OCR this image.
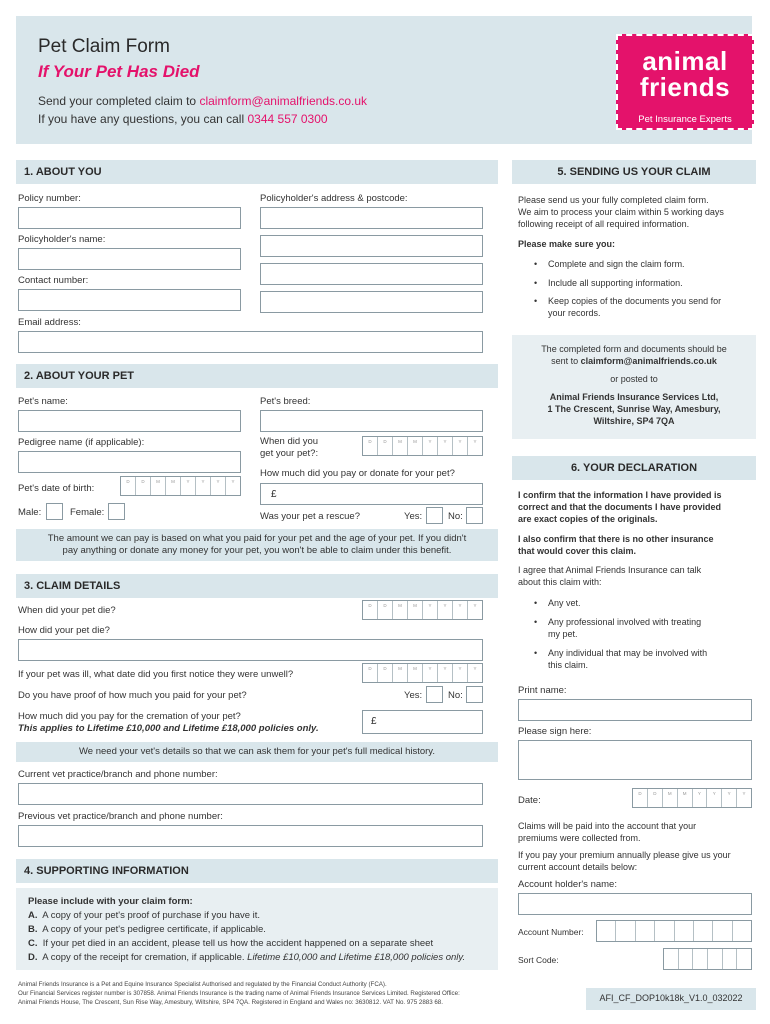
Pet Claim Form
If Your Pet Has Died
Send your completed claim to claimform@animalfriends.co.uk
If you have any questions, you can call 0344 557 0300
animal
friends
Pet Insurance Experts
1. ABOUT YOU
Policy number:	Policyholder's address & postcode:
Policyholder's name:
Contact number:
Email address:
2. ABOUT YOUR PET
Pet's name:	Pet's breed:
Pedigree name (if applicable):	When did you
get your pet?:
D	D	M	M	Y	Y	Y	Y
How much did you pay or donate for your pet?
£
Pet's date of birth:
D	D	M	M	Y	Y	Y	Y
Male:	Female:	Was your pet a rescue?	Yes:	No:
The amount we can pay is based on what you paid for your pet and the age of your pet. If you didn't
pay anything or donate any money for your pet, you won't be able to claim under this benefit.
3. CLAIM DETAILS
When did your pet die?	D	D	M	M	Y	Y	Y	Y
How did your pet die?
If your pet was ill, what date did you first notice they were unwell?
D	D	M	M	Y	Y	Y	Y
Do you have proof of how much you paid for your pet?	Yes:	No:
How much did you pay for the cremation of your pet?
This applies to Lifetime £10,000 and Lifetime £18,000 policies only.
£
We need your vet's details so that we can ask them for your pet's full medical history.
Current vet practice/branch and phone number:
Previous vet practice/branch and phone number:
4. SUPPORTING INFORMATION
Please include with your claim form:
A. A copy of your pet's proof of purchase if you have it.
B. A copy of your pet's pedigree certificate, if applicable.
C. If your pet died in an accident, please tell us how the accident happened on a separate sheet
D. A copy of the receipt for cremation, if applicable. Lifetime £10,000 and Lifetime £18,000 policies only.
Animal Friends Insurance is a Pet and Equine Insurance Specialist Authorised and regulated by the Financial Conduct Authority (FCA).
Our Financial Services register number is 307858. Animal Friends Insurance is the trading name of Animal Friends Insurance Services Limited. Registered Office:
Animal Friends House, The Crescent, Sun Rise Way, Amesbury, Wiltshire, SP4 7QA. Registered in England and Wales no: 3630812. VAT No. 975 2883 68.
5. SENDING US YOUR CLAIM
Please send us your fully completed claim form.
We aim to process your claim within 5 working days
following receipt of all required information.
Please make sure you:
• Complete and sign the claim form.
• Include all supporting information.
• Keep copies of the documents you send for
your records.
The completed form and documents should be
sent to claimform@animalfriends.co.uk
or posted to
Animal Friends Insurance Services Ltd,
1 The Crescent, Sunrise Way, Amesbury,
Wiltshire, SP4 7QA
6. YOUR DECLARATION
I confirm that the information I have provided is
correct and that the documents I have provided
are exact copies of the originals.
I also confirm that there is no other insurance
that would cover this claim.
I agree that Animal Friends Insurance can talk
about this claim with:
• Any vet.
• Any professional involved with treating
my pet.
• Any individual that may be involved with
this claim.
Print name:
Please sign here:
Date:
D	D	M	M	Y	Y	Y	Y
Claims will be paid into the account that your
premiums were collected from.
If you pay your premium annually please give us your
current account details below:
Account holder's name:
Account Number:
Sort Code:
AFI_CF_DOP10k18k_V1.0_032022
